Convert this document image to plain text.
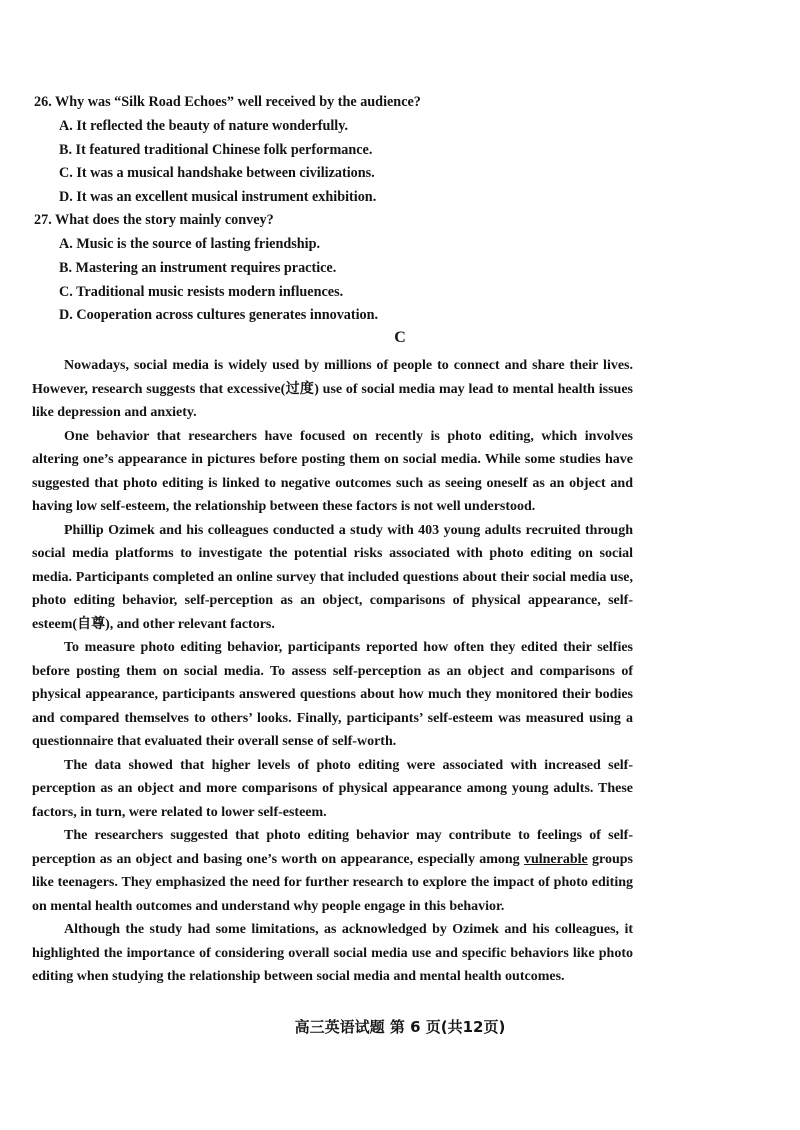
26. Why was “Silk Road Echoes” well received by the audience?
A. It reflected the beauty of nature wonderfully.
B. It featured traditional Chinese folk performance.
C. It was a musical handshake between civilizations.
D. It was an excellent musical instrument exhibition.
27. What does the story mainly convey?
A. Music is the source of lasting friendship.
B. Mastering an instrument requires practice.
C. Traditional music resists modern influences.
D. Cooperation across cultures generates innovation.
C

Nowadays, social media is widely used by millions of people to connect and share their lives. However, research suggests that excessive(过度) use of social media may lead to mental health issues like depression and anxiety.

One behavior that researchers have focused on recently is photo editing, which involves altering one’s appearance in pictures before posting them on social media. While some studies have suggested that photo editing is linked to negative outcomes such as seeing oneself as an object and having low self-esteem, the relationship between these factors is not well understood.

Phillip Ozimek and his colleagues conducted a study with 403 young adults recruited through social media platforms to investigate the potential risks associated with photo editing on social media. Participants completed an online survey that included questions about their social media use, photo editing behavior, self-perception as an object, comparisons of physical appearance, self-esteem(自尊), and other relevant factors.

To measure photo editing behavior, participants reported how often they edited their selfies before posting them on social media. To assess self-perception as an object and comparisons of physical appearance, participants answered questions about how much they monitored their bodies and compared themselves to others’ looks. Finally, participants’ self-esteem was measured using a questionnaire that evaluated their overall sense of self-worth.

The data showed that higher levels of photo editing were associated with increased self-perception as an object and more comparisons of physical appearance among young adults. These factors, in turn, were related to lower self-esteem.

The researchers suggested that photo editing behavior may contribute to feelings of self-perception as an object and basing one’s worth on appearance, especially among vulnerable groups like teenagers. They emphasized the need for further research to explore the impact of photo editing on mental health outcomes and understand why people engage in this behavior.

Although the study had some limitations, as acknowledged by Ozimek and his colleagues, it highlighted the importance of considering overall social media use and specific behaviors like photo editing when studying the relationship between social media and mental health outcomes.

高三英语试题 第 6 页(共12页)
